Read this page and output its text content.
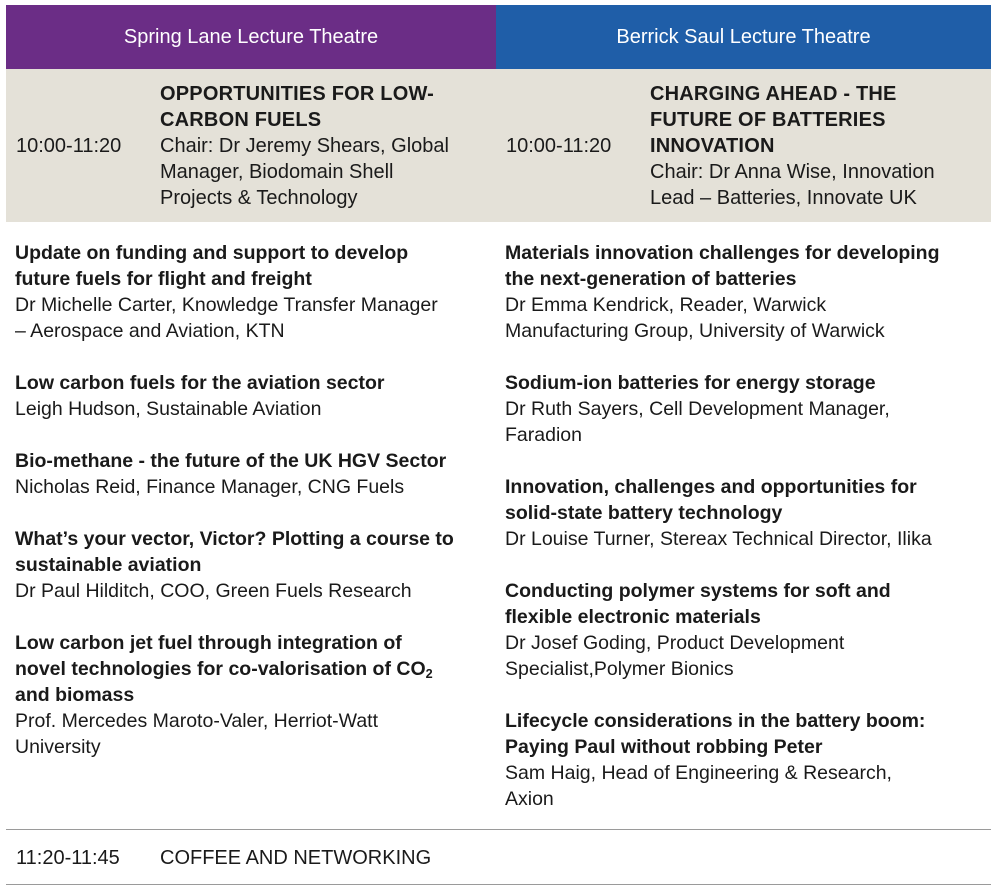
Spring Lane Lecture Theatre	Berrick Saul Lecture Theatre
10:00-11:20
OPPORTUNITIES FOR LOW-
CARBON FUELS
Chair: Dr Jeremy Shears, Global
Manager, Biodomain Shell
Projects & Technology
10:00-11:20
CHARGING AHEAD - THE
FUTURE OF BATTERIES
INNOVATION
Chair: Dr Anna Wise, Innovation
Lead – Batteries, Innovate UK
Update on funding and support to develop
future fuels for flight and freight
Dr Michelle Carter, Knowledge Transfer Manager
– Aerospace and Aviation, KTN
Low carbon fuels for the aviation sector
Leigh Hudson, Sustainable Aviation
Bio-methane - the future of the UK HGV Sector
Nicholas Reid, Finance Manager, CNG Fuels
What’s your vector, Victor? Plotting a course to
sustainable aviation
Dr Paul Hilditch, COO, Green Fuels Research
Low carbon jet fuel through integration of
novel technologies for co-valorisation of $CO_2$
and biomass
Prof. Mercedes Maroto-Valer, Herriot-Watt
University
Materials innovation challenges for developing
the next-generation of batteries
Dr Emma Kendrick, Reader, Warwick
Manufacturing Group, University of Warwick
Sodium-ion batteries for energy storage
Dr Ruth Sayers, Cell Development Manager,
Faradion
Innovation, challenges and opportunities for
solid-state battery technology
Dr Louise Turner, Stereax Technical Director, Ilika
Conducting polymer systems for soft and
flexible electronic materials
Dr Josef Goding, Product Development
Specialist,Polymer Bionics
Lifecycle considerations in the battery boom:
Paying Paul without robbing Peter
Sam Haig, Head of Engineering & Research,
Axion
11:20-11:45 COFFEE AND NETWORKING
